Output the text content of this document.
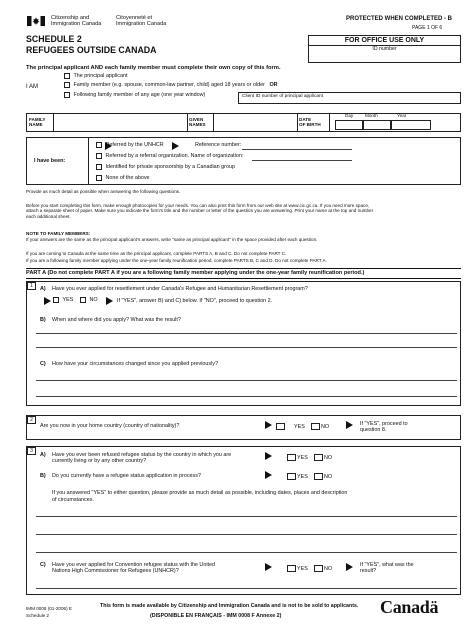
Citizenship and
Immigration Canada
Citoyenneté et
Immigration Canada
PROTECTED WHEN COMPLETED - B
PAGE 1 OF 6
SCHEDULE 2
REFUGEES OUTSIDE CANADA
FOR OFFICE USE ONLY
ID number
The principal applicant AND each family member must complete their own copy of this form.
The principal applicant
I AM	Family member (e.g. spouse, common-law partner, child) aged 18 years or older OR
Following family member of any age (one year window)	Client ID number of principal applicant
FAMILY
NAME
GIVEN
NAMES
DATE
OF BIRTH
Day	Month	Year
I have been:
Referred by the UNHCR	Reference number:
Referred by a referral organization. Name of organization:
Identified for private sponsorship by a Canadian group
None of the above
Provide as much detail as possible when answering the following questions.
Before you start completing this form, make enough photocopies for your needs. You can also print this form from our web site at www.cic.gc.ca. If you need more space,
attach a separate sheet of paper. Make sure you indicate the form's title and the number or letter of the question you are answering. Print your name at the top and number
each additional sheet.
NOTE TO FAMILY MEMBERS:
If your answers are the same as the principal applicant's answers, write "same as principal applicant" in the space provided after each question.
If you are coming to Canada at the same time as the principal applicant, complete PARTS A, B and C. Do not complete PART C.
If you are a following family member applying under the one-year family reunification period, complete PARTS B, C and D. Do not complete PART A.
PART A (Do not complete PART A if you are a following family member applying under the one-year family reunification period.)
1	A) Have you ever applied for resettlement under Canada's Refugee and Humanitarian Resettlement program?
YES	NO	If "YES", answer B) and C) below. If "NO", proceed to question 2.
B) When and where did you apply? What was the result?
C) How have your circumstances changed since you applied previously?
2
Are you now in your home country (country of nationality)?	YES	NO	If "YES", proceed to question 8.
3
A) Have you ever been refused refugee status by the country in which you are currently living or by any other country?
YES	NO
B) Do you currently have a refugee status application in process?	YES	NO
If you answered "YES" to either question, please provide as much detail as possible, including dates, places and description
of circumstances.
C) Have you ever applied for Convention refugee status with the United Nations High Commissioner for Refugees (UNHCR)?	YES	NO
If "YES", what was the result?
IMM 0008 (01-2006) E
Schedule 2
This form is made available by Citizenship and Immigration Canada and is not to be sold to applicants.
(DISPONIBLE EN FRANÇAIS - IMM 0008 F Annexe 2)	Canadä
